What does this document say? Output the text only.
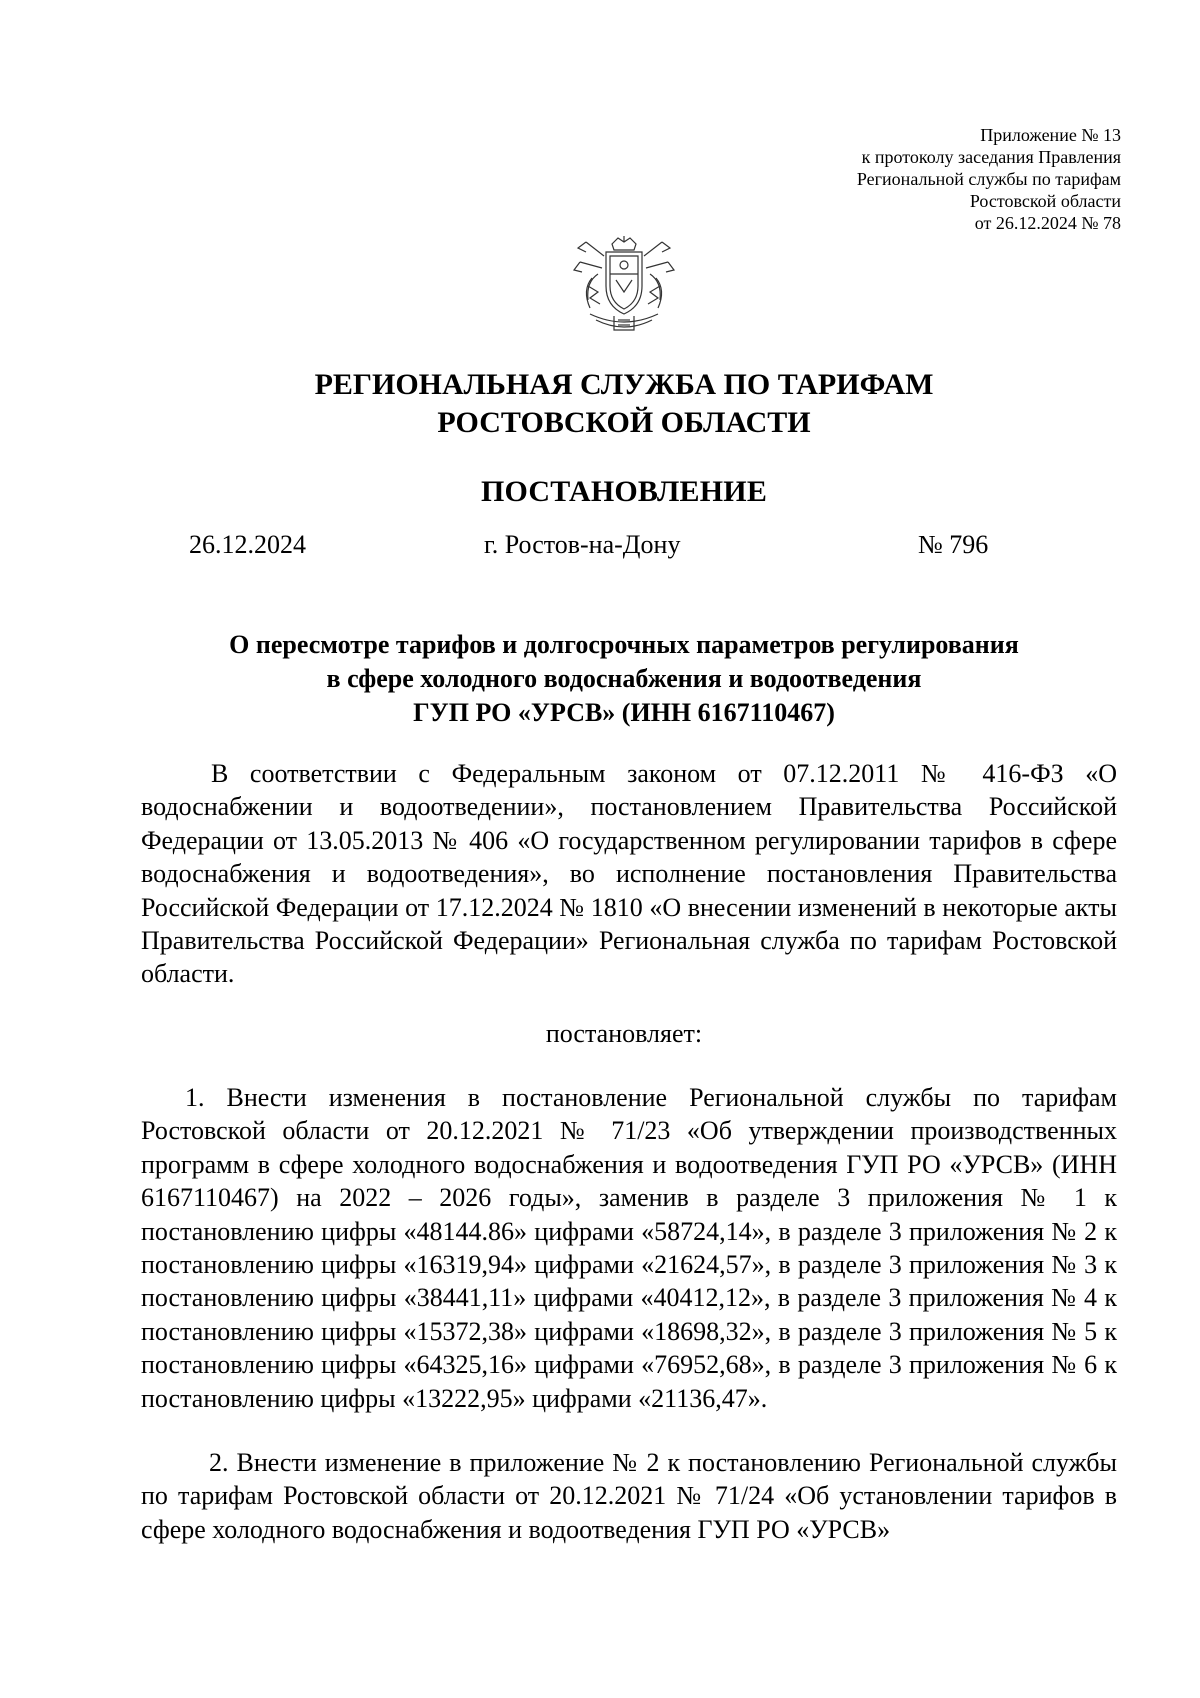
Приложение № 13
к протоколу заседания Правления
Региональной службы по тарифам
Ростовской области
от 26.12.2024 № 78
РЕГИОНАЛЬНАЯ СЛУЖБА ПО ТАРИФАМ
РОСТОВСКОЙ ОБЛАСТИ
ПОСТАНОВЛЕНИЕ
26.12.2024	г. Ростов-на-Дону	№ 796
О пересмотре тарифов и долгосрочных параметров регулирования
в сфере холодного водоснабжения и водоотведения
ГУП РО «УРСВ» (ИНН 6167110467)
В соответствии с Федеральным законом от 07.12.2011 № 416-ФЗ «О водоснабжении и водоотведении», постановлением Правительства Российской Федерации от 13.05.2013 № 406 «О государственном регулировании тарифов в сфере водоснабжения и водоотведения», во исполнение постановления Правительства Российской Федерации от 17.12.2024 № 1810 «О внесении изменений в некоторые акты Правительства Российской Федерации» Региональная служба по тарифам Ростовской области.
постановляет:
1. Внести изменения в постановление Региональной службы по тарифам Ростовской области от 20.12.2021 № 71/23 «Об утверждении производственных программ в сфере холодного водоснабжения и водоотведения ГУП РО «УРСВ» (ИНН 6167110467) на 2022 – 2026 годы», заменив в разделе 3 приложения № 1 к постановлению цифры «48144.86» цифрами «58724,14», в разделе 3 приложения № 2 к постановлению цифры «16319,94» цифрами «21624,57», в разделе 3 приложения № 3 к постановлению цифры «38441,11» цифрами «40412,12», в разделе 3 приложения № 4 к постановлению цифры «15372,38» цифрами «18698,32», в разделе 3 приложения № 5 к постановлению цифры «64325,16» цифрами «76952,68», в разделе 3 приложения № 6 к постановлению цифры «13222,95» цифрами «21136,47».
2. Внести изменение в приложение № 2 к постановлению Региональной службы по тарифам Ростовской области от 20.12.2021 № 71/24 «Об установлении тарифов в сфере холодного водоснабжения и водоотведения ГУП РО «УРСВ»
